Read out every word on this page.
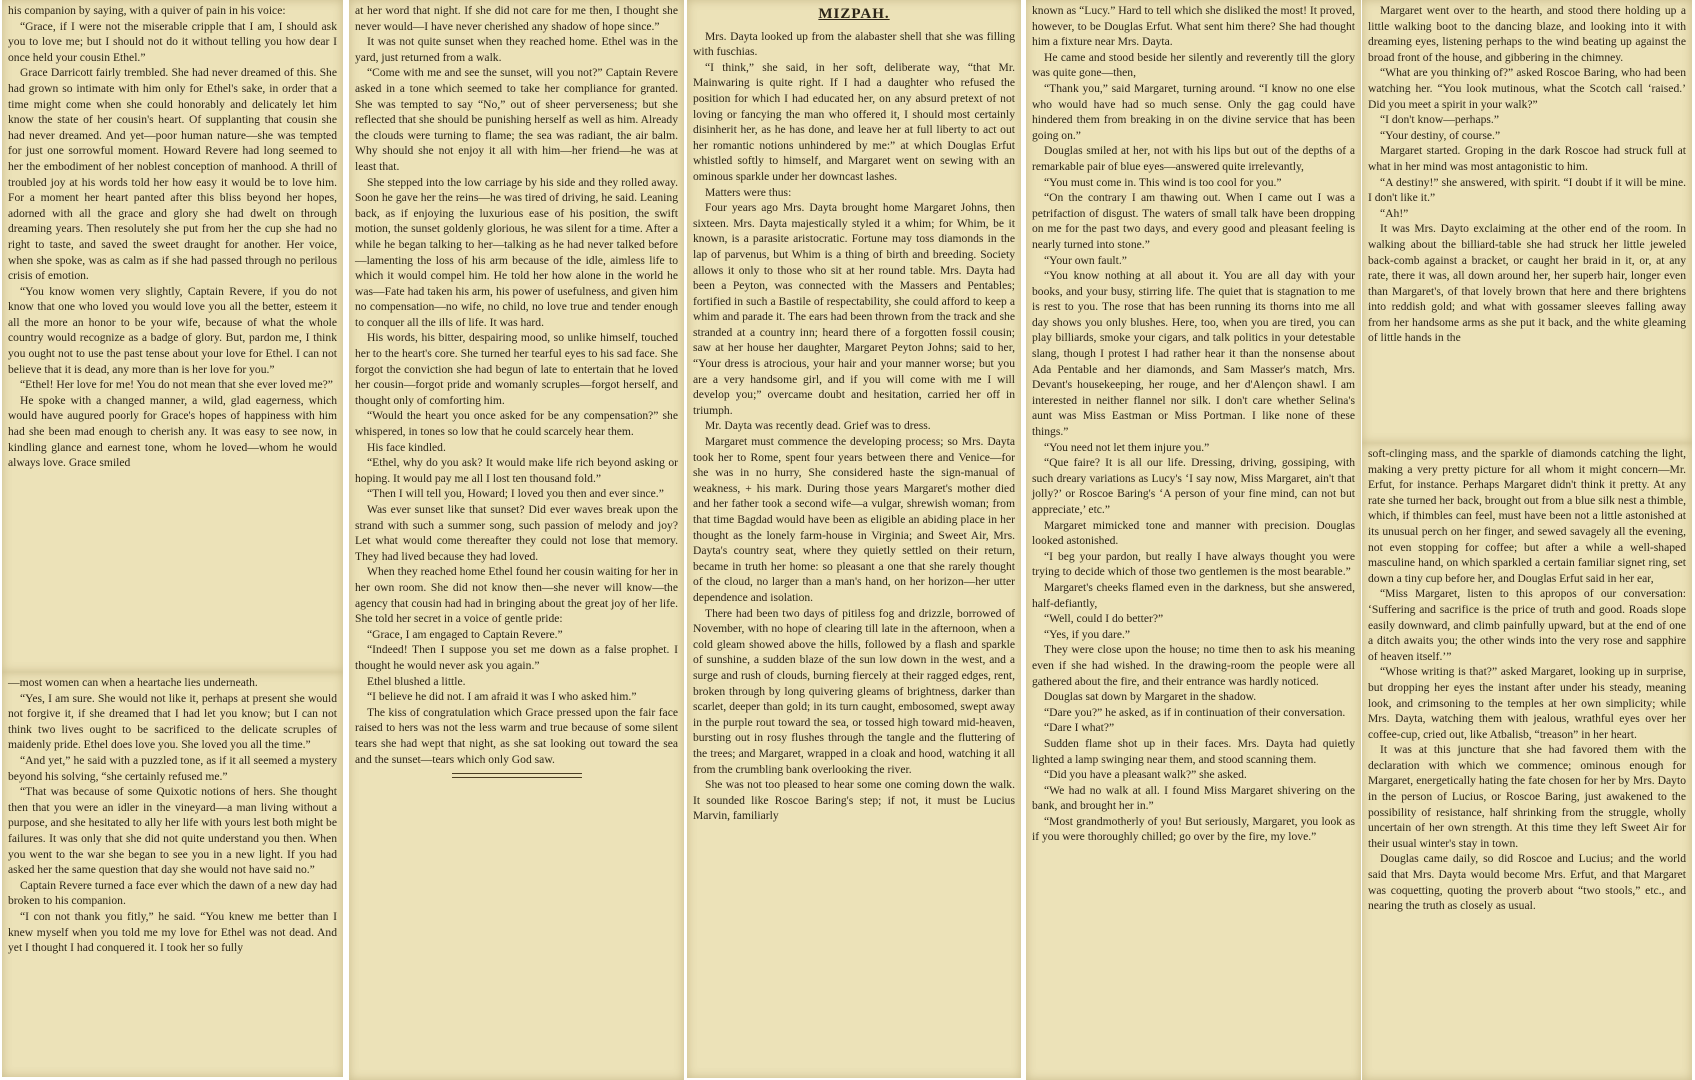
his companion by saying, with a quiver of pain in his voice:

“Grace, if I were not the miserable cripple that I am, I should ask you to love me; but I should not do it without telling you how dear I once held your cousin Ethel.”

Grace Darricott fairly trembled. She had never dreamed of this. She had grown so intimate with him only for Ethel's sake, in order that a time might come when she could honorably and delicately let him know the state of her cousin's heart. Of supplanting that cousin she had never dreamed. And yet—poor human nature—she was tempted for just one sorrowful moment. Howard Revere had long seemed to her the embodiment of her noblest conception of manhood. A thrill of troubled joy at his words told her how easy it would be to love him. For a moment her heart panted after this bliss beyond her hopes, adorned with all the grace and glory she had dwelt on through dreaming years. Then resolutely she put from her the cup she had no right to taste, and saved the sweet draught for another. Her voice, when she spoke, was as calm as if she had passed through no perilous crisis of emotion.

“You know women very slightly, Captain Revere, if you do not know that one who loved you would love you all the better, esteem it all the more an honor to be your wife, because of what the whole country would recognize as a badge of glory. But, pardon me, I think you ought not to use the past tense about your love for Ethel. I can not believe that it is dead, any more than is her love for you.”

“Ethel! Her love for me! You do not mean that she ever loved me?”

He spoke with a changed manner, a wild, glad eagerness, which would have augured poorly for Grace's hopes of happiness with him had she been mad enough to cherish any. It was easy to see now, in kindling glance and earnest tone, whom he loved—whom he would always love. Grace smiled

—most women can when a heartache lies underneath.

“Yes, I am sure. She would not like it, perhaps at present she would not forgive it, if she dreamed that I had let you know; but I can not think two lives ought to be sacrificed to the delicate scruples of maidenly pride. Ethel does love you. She loved you all the time.”

“And yet,” he said with a puzzled tone, as if it all seemed a mystery beyond his solving, “she certainly refused me.”

“That was because of some Quixotic notions of hers. She thought then that you were an idler in the vineyard—a man living without a purpose, and she hesitated to ally her life with yours lest both might be failures. It was only that she did not quite understand you then. When you went to the war she began to see you in a new light. If you had asked her the same question that day she would not have said no.”

Captain Revere turned a face ever which the dawn of a new day had broken to his companion.

“I con not thank you fitly,” he said. “You knew me better than I knew myself when you told me my love for Ethel was not dead. And yet I thought I had conquered it. I took her so fully

at her word that night. If she did not care for me then, I thought she never would—I have never cherished any shadow of hope since.”

It was not quite sunset when they reached home. Ethel was in the yard, just returned from a walk.

“Come with me and see the sunset, will you not?” Captain Revere asked in a tone which seemed to take her compliance for granted. She was tempted to say “No,” out of sheer perverseness; but she reflected that she should be punishing herself as well as him. Already the clouds were turning to flame; the sea was radiant, the air balm. Why should she not enjoy it all with him—her friend—he was at least that.

She stepped into the low carriage by his side and they rolled away. Soon he gave her the reins—he was tired of driving, he said. Leaning back, as if enjoying the luxurious ease of his position, the swift motion, the sunset goldenly glorious, he was silent for a time. After a while he began talking to her—talking as he had never talked before—lamenting the loss of his arm because of the idle, aimless life to which it would compel him. He told her how alone in the world he was—Fate had taken his arm, his power of usefulness, and given him no compensation—no wife, no child, no love true and tender enough to conquer all the ills of life. It was hard.

His words, his bitter, despairing mood, so unlike himself, touched her to the heart's core. She turned her tearful eyes to his sad face. She forgot the conviction she had begun of late to entertain that he loved her cousin—forgot pride and womanly scruples—forgot herself, and thought only of comforting him.

“Would the heart you once asked for be any compensation?” she whispered, in tones so low that he could scarcely hear them.

His face kindled.

“Ethel, why do you ask? It would make life rich beyond asking or hoping. It would pay me all I lost ten thousand fold.”

“Then I will tell you, Howard; I loved you then and ever since.”

Was ever sunset like that sunset? Did ever waves break upon the strand with such a summer song, such passion of melody and joy? Let what would come thereafter they could not lose that memory. They had lived because they had loved.

When they reached home Ethel found her cousin waiting for her in her own room. She did not know then—she never will know—the agency that cousin had had in bringing about the great joy of her life. She told her secret in a voice of gentle pride:

“Grace, I am engaged to Captain Revere.”

“Indeed! Then I suppose you set me down as a false prophet. I thought he would never ask you again.”

Ethel blushed a little.

“I believe he did not. I am afraid it was I who asked him.”

The kiss of congratulation which Grace pressed upon the fair face raised to hers was not the less warm and true because of some silent tears she had wept that night, as she sat looking out toward the sea and the sunset—tears which only God saw.

MIZPAH.

Mrs. Dayta looked up from the alabaster shell that she was filling with fuschias.

“I think,” she said, in her soft, deliberate way, “that Mr. Mainwaring is quite right. If I had a daughter who refused the position for which I had educated her, on any absurd pretext of not loving or fancying the man who offered it, I should most certainly disinherit her, as he has done, and leave her at full liberty to act out her romantic notions unhindered by me:” at which Douglas Erfut whistled softly to himself, and Margaret went on sewing with an ominous sparkle under her downcast lashes.

Matters were thus:

Four years ago Mrs. Dayta brought home Margaret Johns, then sixteen. Mrs. Dayta majestically styled it a whim; for Whim, be it known, is a parasite aristocratic. Fortune may toss diamonds in the lap of parvenus, but Whim is a thing of birth and breeding. Society allows it only to those who sit at her round table. Mrs. Dayta had been a Peyton, was connected with the Massers and Pentables; fortified in such a Bastile of respectability, she could afford to keep a whim and parade it. The ears had been thrown from the track and she stranded at a country inn; heard there of a forgotten fossil cousin; saw at her house her daughter, Margaret Peyton Johns; said to her, “Your dress is atrocious, your hair and your manner worse; but you are a very handsome girl, and if you will come with me I will develop you;” overcame doubt and hesitation, carried her off in triumph.

Mr. Dayta was recently dead. Grief was to dress.

Margaret must commence the developing process; so Mrs. Dayta took her to Rome, spent four years between there and Venice—for she was in no hurry, She considered haste the sign-manual of weakness, + his mark. During those years Margaret's mother died and her father took a second wife—a vulgar, shrewish woman; from that time Bagdad would have been as eligible an abiding place in her thought as the lonely farm-house in Virginia; and Sweet Air, Mrs. Dayta's country seat, where they quietly settled on their return, became in truth her home: so pleasant a one that she rarely thought of the cloud, no larger than a man's hand, on her horizon—her utter dependence and isolation.

There had been two days of pitiless fog and drizzle, borrowed of November, with no hope of clearing till late in the afternoon, when a cold gleam showed above the hills, followed by a flash and sparkle of sunshine, a sudden blaze of the sun low down in the west, and a surge and rush of clouds, burning fiercely at their ragged edges, rent, broken through by long quivering gleams of brightness, darker than scarlet, deeper than gold; in its turn caught, embosomed, swept away in the purple rout toward the sea, or tossed high toward mid-heaven, bursting out in rosy flushes through the tangle and the fluttering of the trees; and Margaret, wrapped in a cloak and hood, watching it all from the crumbling bank overlooking the river.

She was not too pleased to hear some one coming down the walk. It sounded like Roscoe Baring's step; if not, it must be Lucius Marvin, familiarly

known as “Lucy.” Hard to tell which she disliked the most! It proved, however, to be Douglas Erfut. What sent him there? She had thought him a fixture near Mrs. Dayta.

He came and stood beside her silently and reverently till the glory was quite gone—then,

“Thank you,” said Margaret, turning around. “I know no one else who would have had so much sense. Only the gag could have hindered them from breaking in on the divine service that has been going on.”

Douglas smiled at her, not with his lips but out of the depths of a remarkable pair of blue eyes—answered quite irrelevantly,

“You must come in. This wind is too cool for you.”

“On the contrary I am thawing out. When I came out I was a petrifaction of disgust. The waters of small talk have been dropping on me for the past two days, and every good and pleasant feeling is nearly turned into stone.”

“Your own fault.”

“You know nothing at all about it. You are all day with your books, and your busy, stirring life. The quiet that is stagnation to me is rest to you. The rose that has been running its thorns into me all day shows you only blushes. Here, too, when you are tired, you can play billiards, smoke your cigars, and talk politics in your detestable slang, though I protest I had rather hear it than the nonsense about Ada Pentable and her diamonds, and Sam Masser's match, Mrs. Devant's housekeeping, her rouge, and her d'Alençon shawl. I am interested in neither flannel nor silk. I don't care whether Selina's aunt was Miss Eastman or Miss Portman. I like none of these things.”

“You need not let them injure you.”

“Que faire? It is all our life. Dressing, driving, gossiping, with such dreary variations as Lucy's ‘I say now, Miss Margaret, ain't that jolly?’ or Roscoe Baring's ‘A person of your fine mind, can not but appreciate,’ etc.”

Margaret mimicked tone and manner with precision. Douglas looked astonished.

“I beg your pardon, but really I have always thought you were trying to decide which of those two gentlemen is the most bearable.”

Margaret's cheeks flamed even in the darkness, but she answered, half-defiantly,

“Well, could I do better?”

“Yes, if you dare.”

They were close upon the house; no time then to ask his meaning even if she had wished. In the drawing-room the people were all gathered about the fire, and their entrance was hardly noticed.

Douglas sat down by Margaret in the shadow.

“Dare you?” he asked, as if in continuation of their conversation.

“Dare I what?”

Sudden flame shot up in their faces. Mrs. Dayta had quietly lighted a lamp swinging near them, and stood scanning them.

“Did you have a pleasant walk?” she asked.

“We had no walk at all. I found Miss Margaret shivering on the bank, and brought her in.”

“Most grandmotherly of you! But seriously, Margaret, you look as if you were thoroughly chilled; go over by the fire, my love.”

Margaret went over to the hearth, and stood there holding up a little walking boot to the dancing blaze, and looking into it with dreaming eyes, listening perhaps to the wind beating up against the broad front of the house, and gibbering in the chimney.

“What are you thinking of?” asked Roscoe Baring, who had been watching her. “You look mutinous, what the Scotch call ‘raised.’ Did you meet a spirit in your walk?”

“I don't know—perhaps.”

“Your destiny, of course.”

Margaret started. Groping in the dark Roscoe had struck full at what in her mind was most antagonistic to him.

“A destiny!” she answered, with spirit. “I doubt if it will be mine. I don't like it.”

“Ah!”

It was Mrs. Dayto exclaiming at the other end of the room. In walking about the billiard-table she had struck her little jeweled back-comb against a bracket, or caught her braid in it, or, at any rate, there it was, all down around her, her superb hair, longer even than Margaret's, of that lovely brown that here and there brightens into reddish gold; and what with gossamer sleeves falling away from her handsome arms as she put it back, and the white gleaming of little hands in the

soft-clinging mass, and the sparkle of diamonds catching the light, making a very pretty picture for all whom it might concern—Mr. Erfut, for instance. Perhaps Margaret didn't think it pretty. At any rate she turned her back, brought out from a blue silk nest a thimble, which, if thimbles can feel, must have been not a little astonished at its unusual perch on her finger, and sewed savagely all the evening, not even stopping for coffee; but after a while a well-shaped masculine hand, on which sparkled a certain familiar signet ring, set down a tiny cup before her, and Douglas Erfut said in her ear,

“Miss Margaret, listen to this apropos of our conversation: ‘Suffering and sacrifice is the price of truth and good. Roads slope easily downward, and climb painfully upward, but at the end of one a ditch awaits you; the other winds into the very rose and sapphire of heaven itself.’”

“Whose writing is that?” asked Margaret, looking up in surprise, but dropping her eyes the instant after under his steady, meaning look, and crimsoning to the temples at her own simplicity; while Mrs. Dayta, watching them with jealous, wrathful eyes over her coffee-cup, cried out, like Atbalisb, “treason” in her heart.

It was at this juncture that she had favored them with the declaration with which we commence; ominous enough for Margaret, energetically hating the fate chosen for her by Mrs. Dayto in the person of Lucius, or Roscoe Baring, just awakened to the possibility of resistance, half shrinking from the struggle, wholly uncertain of her own strength. At this time they left Sweet Air for their usual winter's stay in town.

Douglas came daily, so did Roscoe and Lucius; and the world said that Mrs. Dayta would become Mrs. Erfut, and that Margaret was coquetting, quoting the proverb about “two stools,” etc., and nearing the truth as closely as usual.
